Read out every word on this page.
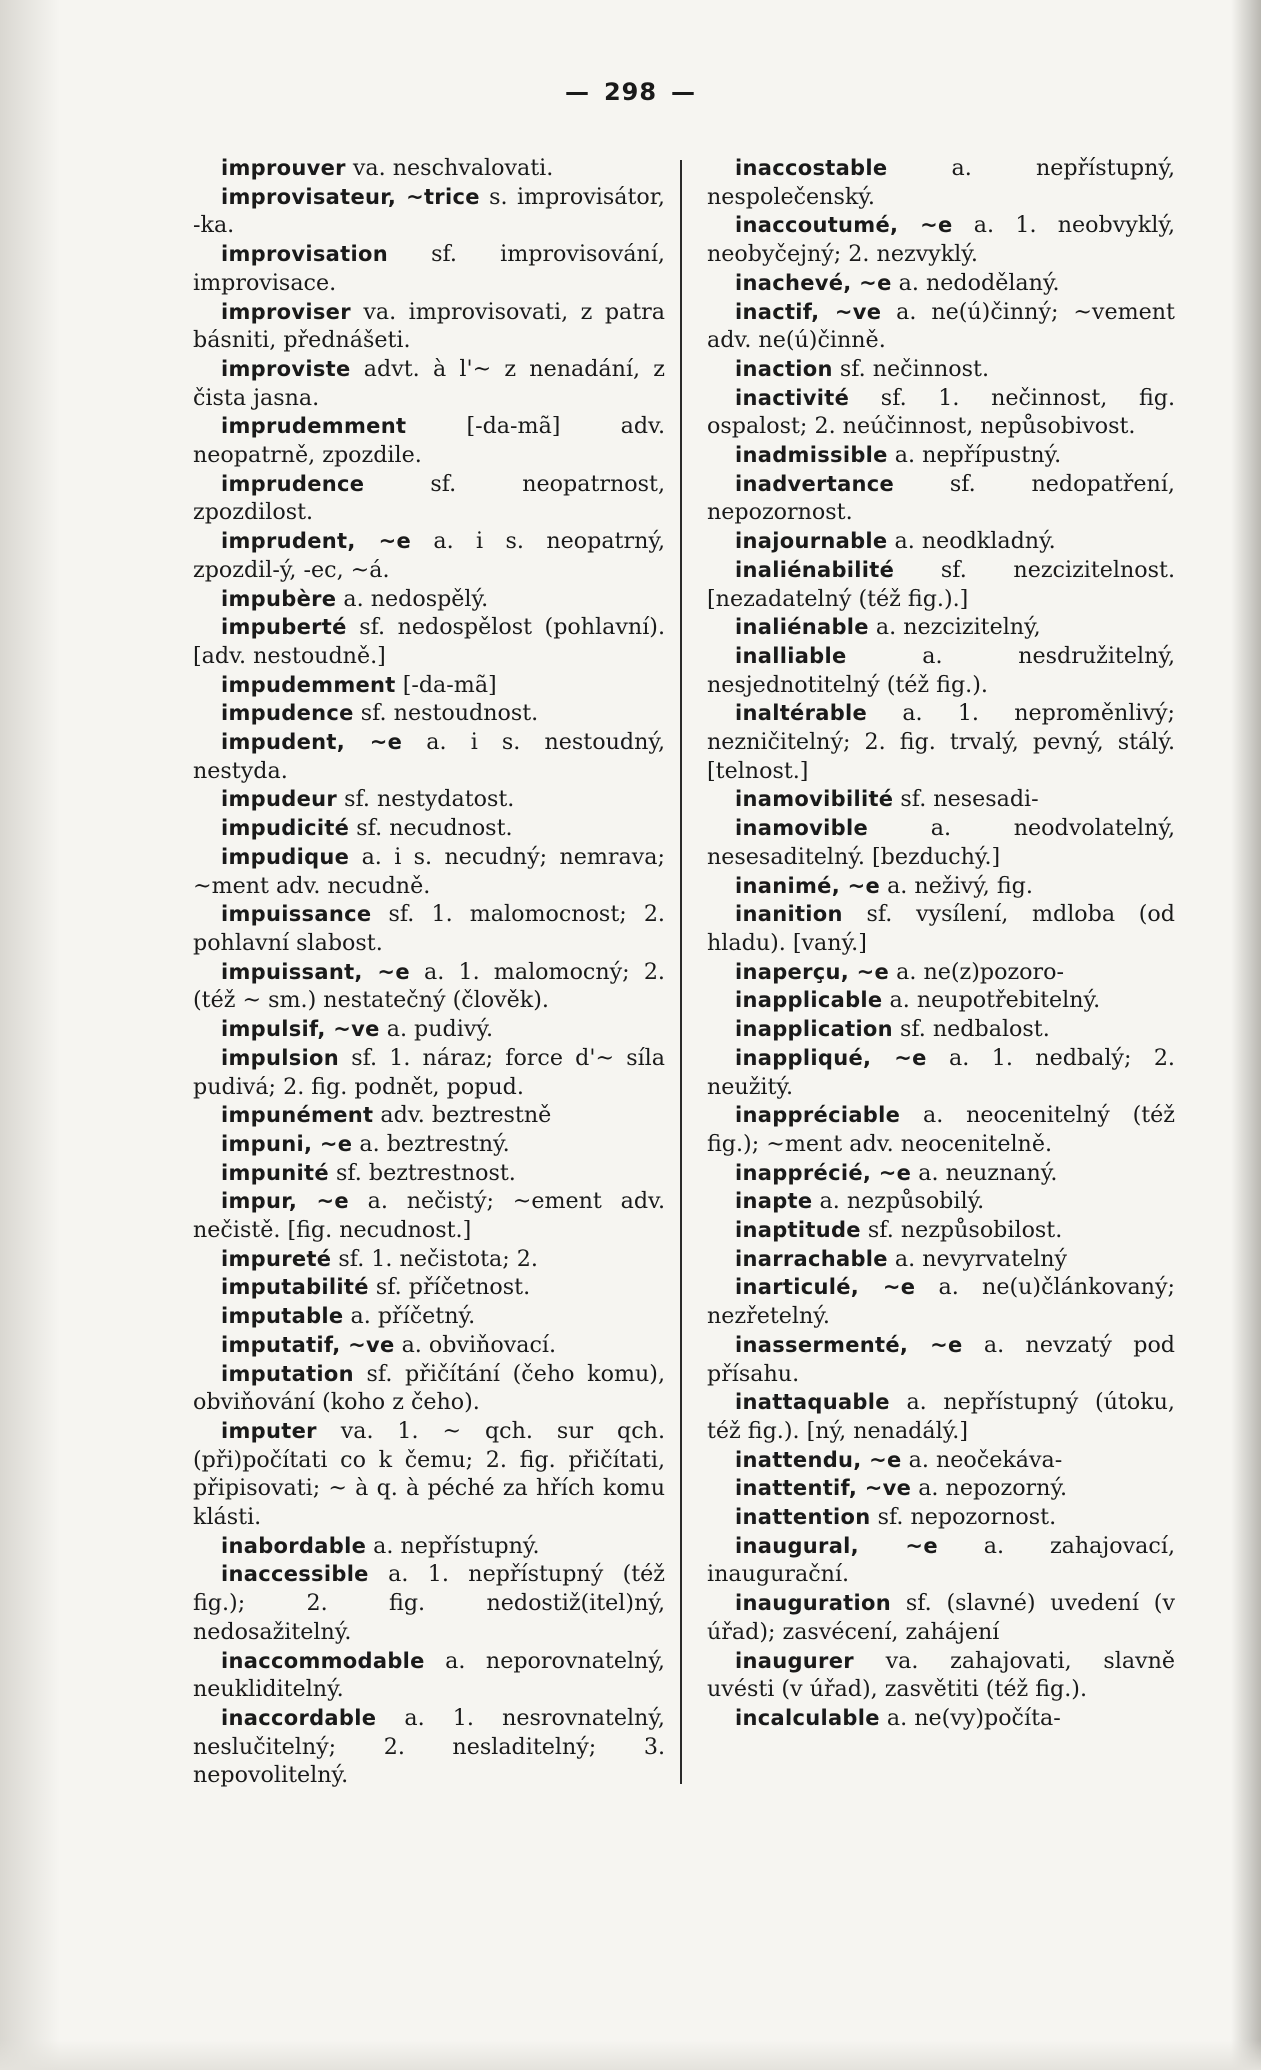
— 298 —

improuver va. neschvalovati.

improvisateur, ~trice s. improvisátor, -ka.

improvisation sf. improvisování, improvisace.

improviser va. improvisovati, z patra básniti, přednášeti.

improviste advt. à l'~ z nenadání, z čista jasna.

imprudemment [-da-mã] adv. neopatrně, zpozdile.

imprudence sf. neopatrnost, zpozdilost.

imprudent, ~e a. i s. neopatrný, zpozdil-ý, -ec, ~á.

impubère a. nedospělý.

impuberté sf. nedospělost (pohlavní). [adv. nestoudně.]

impudemment [-da-mã]

impudence sf. nestoudnost.

impudent, ~e a. i s. nestoudný, nestyda.

impudeur sf. nestydatost.

impudicité sf. necudnost.

impudique a. i s. necudný; nemrava; ~ment adv. necudně.

impuissance sf. 1. malomocnost; 2. pohlavní slabost.

impuissant, ~e a. 1. malomocný; 2. (též ~ sm.) nestatečný (člověk).

impulsif, ~ve a. pudivý.

impulsion sf. 1. náraz; force d'~ síla pudivá; 2. fig. podnět, popud.

impunément adv. beztrestně

impuni, ~e a. beztrestný.

impunité sf. beztrestnost.

impur, ~e a. nečistý; ~ement adv. nečistě. [fig. necudnost.]

impureté sf. 1. nečistota; 2.

imputabilité sf. příčetnost.

imputable a. příčetný.

imputatif, ~ve a. obviňovací.

imputation sf. přičítání (čeho komu), obviňování (koho z čeho).

imputer va. 1. ~ qch. sur qch. (při)počítati co k čemu; 2. fig. přičítati, připisovati; ~ à q. à péché za hřích komu klásti.

inabordable a. nepřístupný.

inaccessible a. 1. nepřístupný (též fig.); 2. fig. nedostiž(itel)ný, nedosažitelný.

inaccommodable a. neporovnatelný, neukliditelný.

inaccordable a. 1. nesrovnatelný, neslučitelný; 2. nesladitelný; 3. nepovolitelný.

inaccostable a. nepřístupný, nespolečenský.

inaccoutumé, ~e a. 1. neobvyklý, neobyčejný; 2. nezvyklý.

inachevé, ~e a. nedodělaný.

inactif, ~ve a. ne(ú)činný; ~vement adv. ne(ú)činně.

inaction sf. nečinnost.

inactivité sf. 1. nečinnost, fig. ospalost; 2. neúčinnost, nepůsobivost.

inadmissible a. nepřípustný.

inadvertance sf. nedopatření, nepozornost.

inajournable a. neodkladný.

inaliénabilité sf. nezcizitelnost. [nezadatelný (též fig.).]

inaliénable a. nezcizitelný,

inalliable a. nesdružitelný, nesjednotitelný (též fig.).

inaltérable a. 1. neproměnlivý; nezničitelný; 2. fig. trvalý, pevný, stálý. [telnost.]

inamovibilité sf. nesesadi-

inamovible a. neodvolatelný, nesesaditelný. [bezduchý.]

inanimé, ~e a. neživý, fig.

inanition sf. vysílení, mdloba (od hladu). [vaný.]

inaperçu, ~e a. ne(z)pozoro-

inapplicable a. neupotřebitelný.

inapplication sf. nedbalost.

inappliqué, ~e a. 1. nedbalý; 2. neužitý.

inappréciable a. neocenitelný (též fig.); ~ment adv. neocenitelně.

inapprécié, ~e a. neuznaný.

inapte a. nezpůsobilý.

inaptitude sf. nezpůsobilost.

inarrachable a. nevyrvatelný

inarticulé, ~e a. ne(u)článkovaný; nezřetelný.

inassermenté, ~e a. nevzatý pod přísahu.

inattaquable a. nepřístupný (útoku, též fig.). [ný, nenadálý.]

inattendu, ~e a. neočekáva-

inattentif, ~ve a. nepozorný.

inattention sf. nepozornost.

inaugural, ~e a. zahajovací, inaugurační.

inauguration sf. (slavné) uvedení (v úřad); zasvécení, zahájení

inaugurer va. zahajovati, slavně uvésti (v úřad), zasvětiti (též fig.).

incalculable a. ne(vy)počíta-
